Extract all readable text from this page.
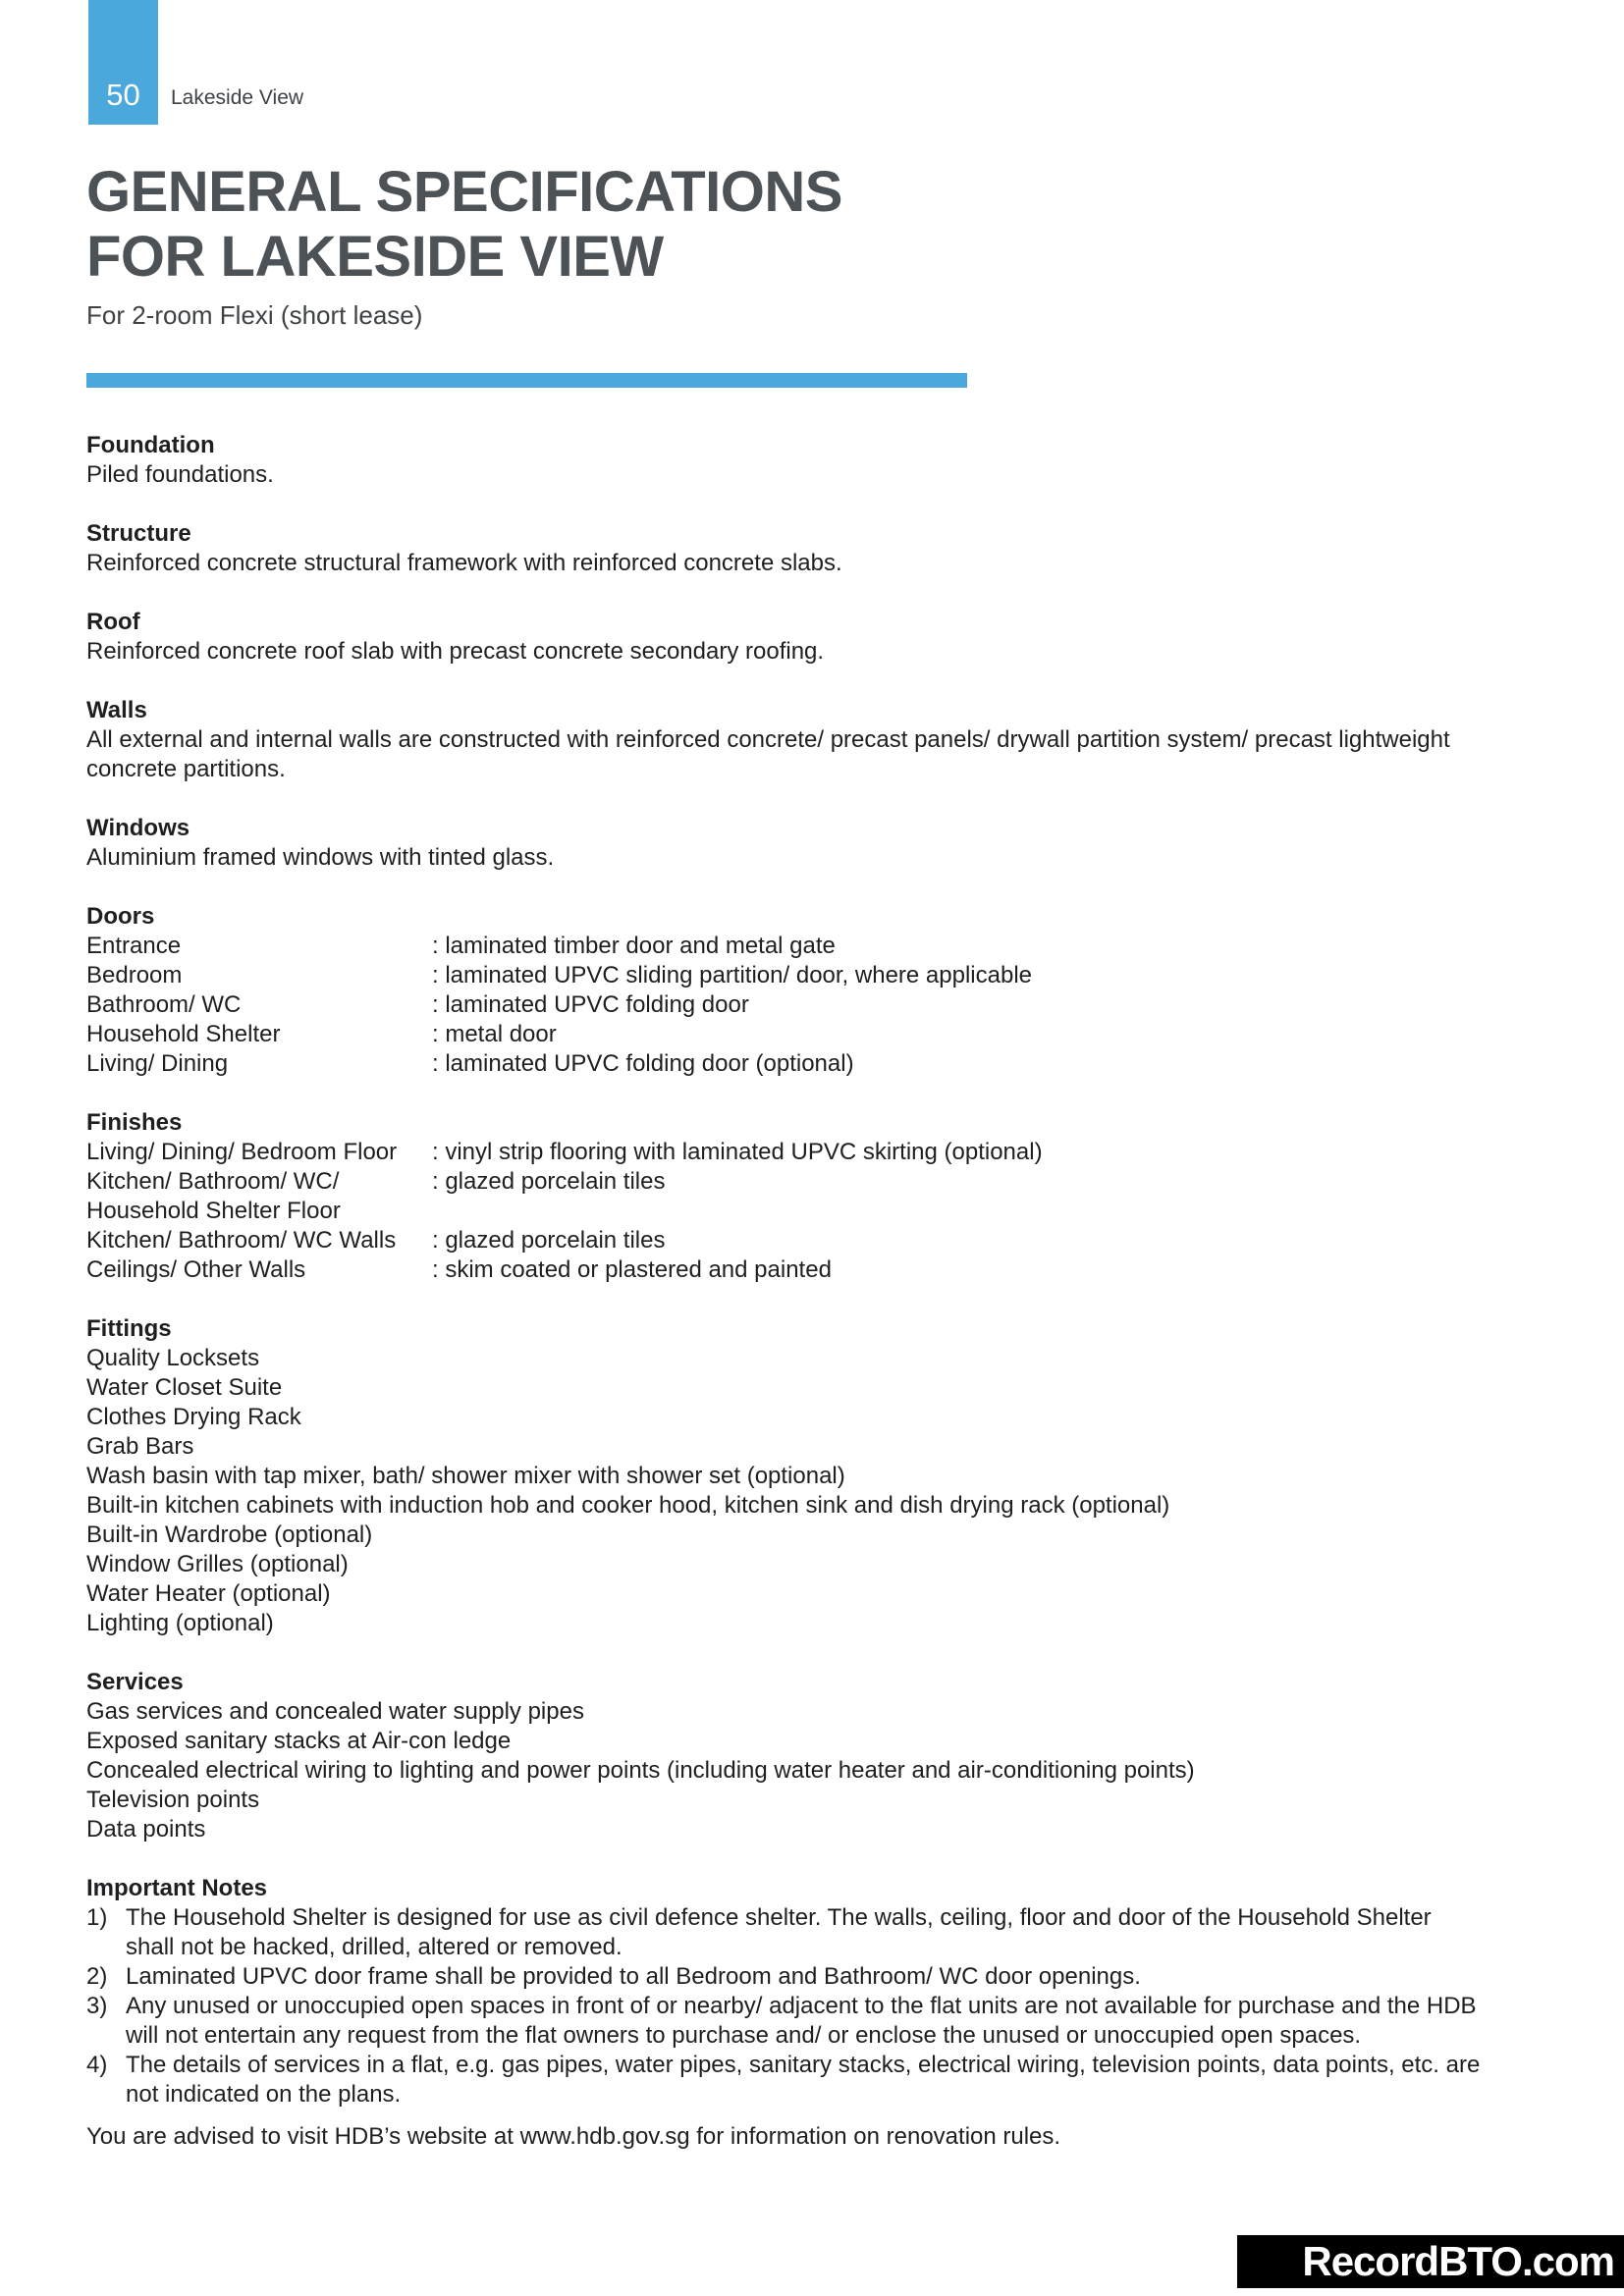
50 Lakeside View
GENERAL SPECIFICATIONS
FOR LAKESIDE VIEW
For 2-room Flexi (short lease)
Foundation
Piled foundations.
Structure
Reinforced concrete structural framework with reinforced concrete slabs.
Roof
Reinforced concrete roof slab with precast concrete secondary roofing.
Walls
All external and internal walls are constructed with reinforced concrete/ precast panels/ drywall partition system/ precast lightweight
concrete partitions.
Windows
Aluminium framed windows with tinted glass.
Doors
Entrance	: laminated timber door and metal gate
Bedroom	: laminated UPVC sliding partition/ door, where applicable
Bathroom/ WC	: laminated UPVC folding door
Household Shelter	: metal door
Living/ Dining	: laminated UPVC folding door (optional)
Finishes
Living/ Dining/ Bedroom Floor	: vinyl strip flooring with laminated UPVC skirting (optional)
Kitchen/ Bathroom/ WC/	: glazed porcelain tiles
Household Shelter Floor
Kitchen/ Bathroom/ WC Walls	: glazed porcelain tiles
Ceilings/ Other Walls	: skim coated or plastered and painted
Fittings
Quality Locksets
Water Closet Suite
Clothes Drying Rack
Grab Bars
Wash basin with tap mixer, bath/ shower mixer with shower set (optional)
Built-in kitchen cabinets with induction hob and cooker hood, kitchen sink and dish drying rack (optional)
Built-in Wardrobe (optional)
Window Grilles (optional)
Water Heater (optional)
Lighting (optional)
Services
Gas services and concealed water supply pipes
Exposed sanitary stacks at Air-con ledge
Concealed electrical wiring to lighting and power points (including water heater and air-conditioning points)
Television points
Data points
Important Notes
1) The Household Shelter is designed for use as civil defence shelter. The walls, ceiling, floor and door of the Household Shelter
shall not be hacked, drilled, altered or removed.
2) Laminated UPVC door frame shall be provided to all Bedroom and Bathroom/ WC door openings.
3) Any unused or unoccupied open spaces in front of or nearby/ adjacent to the flat units are not available for purchase and the HDB
will not entertain any request from the flat owners to purchase and/ or enclose the unused or unoccupied open spaces.
4) The details of services in a flat, e.g. gas pipes, water pipes, sanitary stacks, electrical wiring, television points, data points, etc. are
not indicated on the plans.

You are advised to visit HDB’s website at www.hdb.gov.sg for information on renovation rules.

RecordBTO.com
